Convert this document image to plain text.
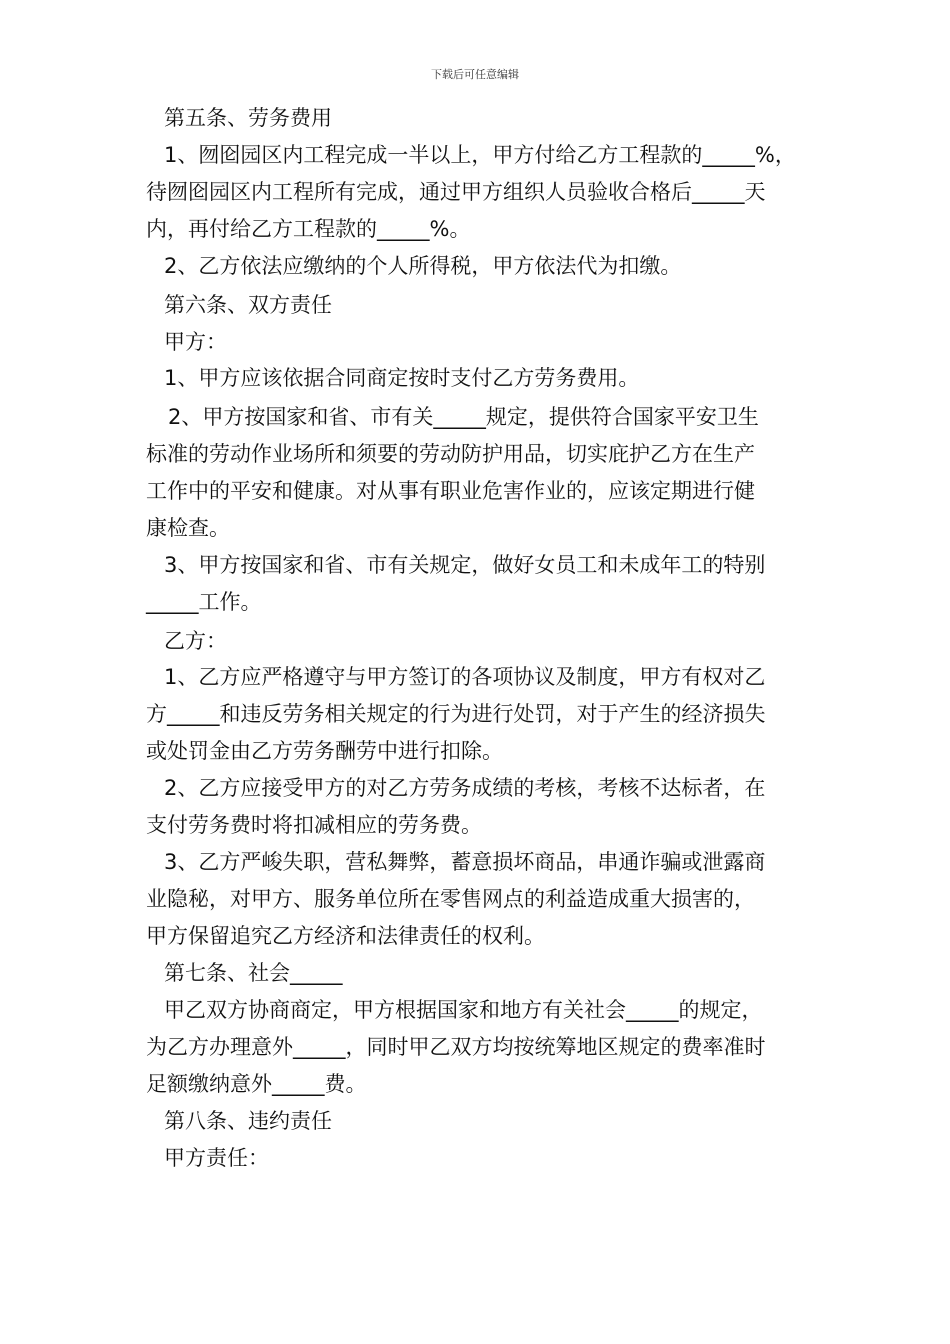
下载后可任意编辑
第五条、劳务费用
1、囫囵园区内工程完成一半以上，甲方付给乙方工程款的_____%，
待囫囵园区内工程所有完成，通过甲方组织人员验收合格后_____天
内，再付给乙方工程款的_____%。
2、乙方依法应缴纳的个人所得税，甲方依法代为扣缴。
第六条、双方责任
甲方：
1、甲方应该依据合同商定按时支付乙方劳务费用。
2、甲方按国家和省、市有关_____规定，提供符合国家平安卫生
标准的劳动作业场所和须要的劳动防护用品，切实庇护乙方在生产
工作中的平安和健康。对从事有职业危害作业的，应该定期进行健
康检查。
3、甲方按国家和省、市有关规定，做好女员工和未成年工的特别
_____工作。
乙方：
1、乙方应严格遵守与甲方签订的各项协议及制度，甲方有权对乙
方_____和违反劳务相关规定的行为进行处罚，对于产生的经济损失
或处罚金由乙方劳务酬劳中进行扣除。
2、乙方应接受甲方的对乙方劳务成绩的考核，考核不达标者，在
支付劳务费时将扣减相应的劳务费。
3、乙方严峻失职，营私舞弊，蓄意损坏商品，串通诈骗或泄露商
业隐秘，对甲方、服务单位所在零售网点的利益造成重大损害的，
甲方保留追究乙方经济和法律责任的权利。
第七条、社会_____
甲乙双方协商商定，甲方根据国家和地方有关社会_____的规定，
为乙方办理意外_____，同时甲乙双方均按统筹地区规定的费率准时
足额缴纳意外_____费。
第八条、违约责任
甲方责任：
